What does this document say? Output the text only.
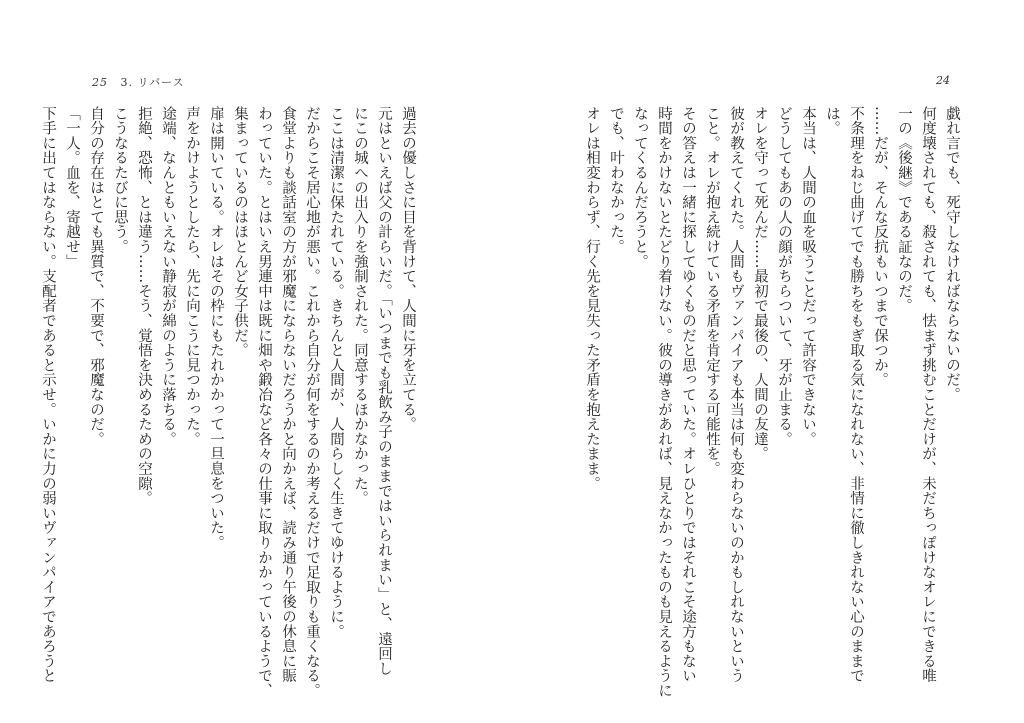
25 3. リバース

過去の優しさに目を背けて、人間に牙を立てる。

元はといえば父の計らいだ。「いつまでも乳飲み子のままではいられまい」と、遠回し

にこの城への出入りを強制された。同意するほかなかった。

ここは清潔に保たれている。きちんと人間が、人間らしく生きてゆけるように。

だからこそ居心地が悪い。これから自分が何をするのか考えるだけで足取りも重くなる。

食堂よりも談話室の方が邪魔にならないだろうかと向かえば、読み通り午後の休息に賑

わっていた。とはいえ男連中は既に畑や鍛冶など各々の仕事に取りかかっているようで、

集まっているのはほとんど女子供だ。

扉は開いている。オレはその枠にもたれかかって一旦息をついた。

声をかけようとしたら、先に向こうに見つかった。

途端、なんともいえない静寂が綿のように落ちる。

拒絶、恐怖、とは違う……そう、覚悟を決めるための空隙。

こうなるたびに思う。

自分の存在はとても異質で、不要で、邪魔なのだ。

「一人。血を、寄越せ」

下手に出てはならない。支配者であると示せ。いかに力の弱いヴァンパイアであろうと

24

戯れ言でも、死守しなければならないのだ。

何度壊されても、殺されても、怯まず挑むことだけが、未だちっぽけなオレにできる唯

一の《後継》である証なのだ。

……だが、そんな反抗もいつまで保つか。

不条理をねじ曲げてでも勝ちをもぎ取る気になれない、非情に徹しきれない心のままで

は。

本当は、人間の血を吸うことだって許容できない。

どうしてもあの人の顔がちらついて、牙が止まる。

オレを守って死んだ……最初で最後の、人間の友達。

彼が教えてくれた。人間もヴァンパイアも本当は何も変わらないのかもしれないという

こと。オレが抱え続けている矛盾を肯定する可能性を。

その答えは一緒に探してゆくものだと思っていた。オレひとりではそれこそ途方もない

時間をかけないとたどり着けない。彼の導きがあれば、見えなかったものも見えるように

なってくるんだろうと。

でも、叶わなかった。

オレは相変わらず、行く先を見失った矛盾を抱えたまま。
